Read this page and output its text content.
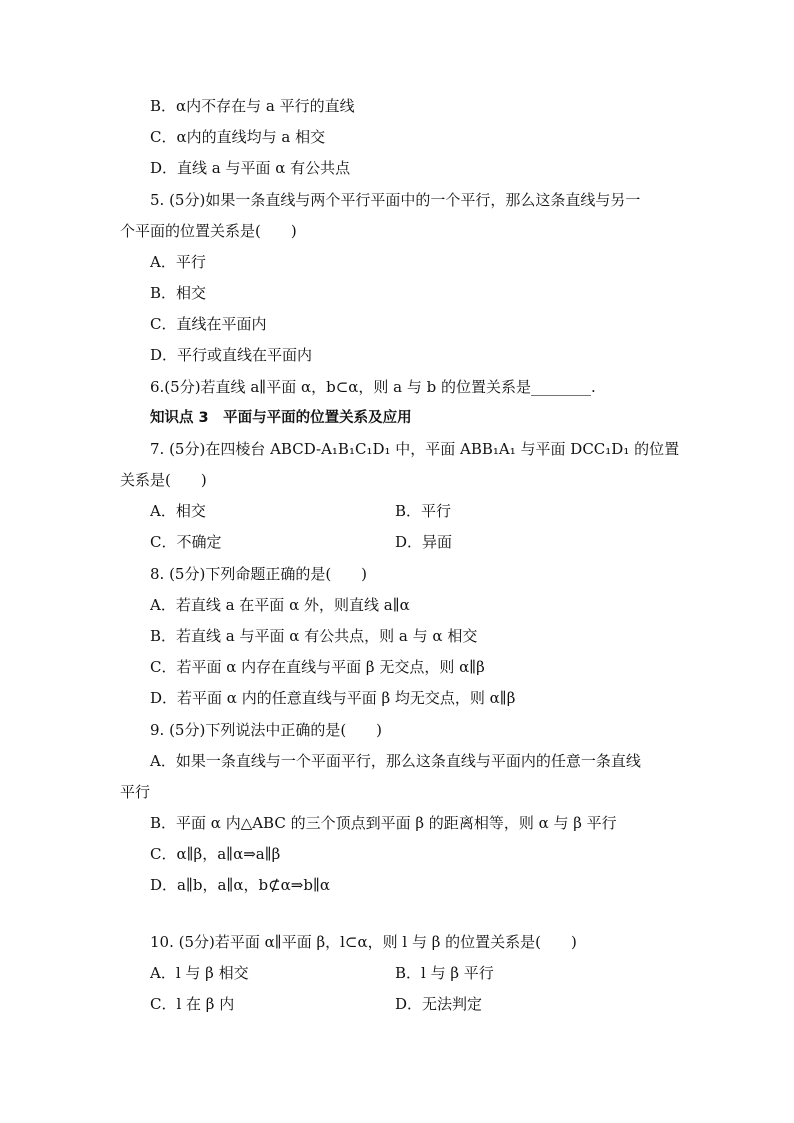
B．α内不存在与 a 平行的直线
C．α内的直线均与 a 相交
D．直线 a 与平面 α 有公共点
5. (5分)如果一条直线与两个平行平面中的一个平行，那么这条直线与另一
个平面的位置关系是(　　)
A．平行
B．相交
C．直线在平面内
D．平行或直线在平面内
6.(5分)若直线 a∥平面 α，b⊂α，则 a 与 b 的位置关系是________.
知识点 3　平面与平面的位置关系及应用
7. (5分)在四棱台 ABCD-A₁B₁C₁D₁ 中，平面 ABB₁A₁ 与平面 DCC₁D₁ 的位置
关系是(　　)
A．相交	B．平行
C．不确定	D．异面
8. (5分)下列命题正确的是(　　)
A．若直线 a 在平面 α 外，则直线 a∥α
B．若直线 a 与平面 α 有公共点，则 a 与 α 相交
C．若平面 α 内存在直线与平面 β 无交点，则 α∥β
D．若平面 α 内的任意直线与平面 β 均无交点，则 α∥β
9. (5分)下列说法中正确的是(　　)
A．如果一条直线与一个平面平行，那么这条直线与平面内的任意一条直线
平行
B．平面 α 内△ABC 的三个顶点到平面 β 的距离相等，则 α 与 β 平行
C．α∥β，a∥α⇒a∥β
D．a∥b，a∥α，b⊄α⇒b∥α
10. (5分)若平面 α∥平面 β，l⊂α，则 l 与 β 的位置关系是(　　)
A．l 与 β 相交	B．l 与 β 平行
C．l 在 β 内	D．无法判定
